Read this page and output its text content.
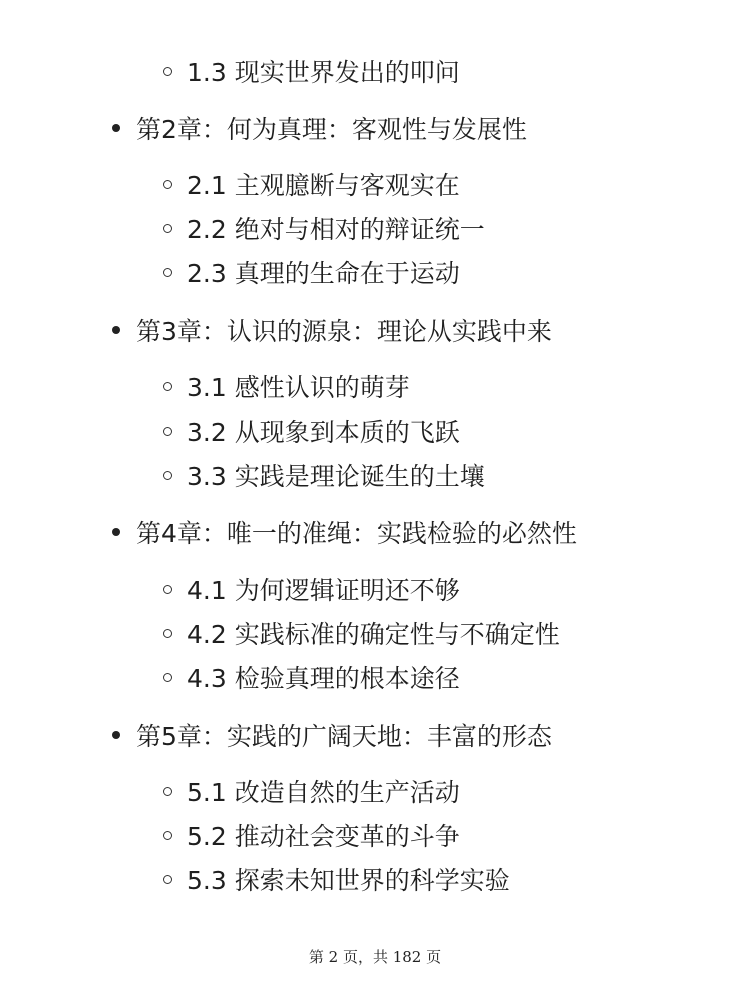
1.3 现实世界发出的叩问
第2章：何为真理：客观性与发展性
2.1 主观臆断与客观实在
2.2 绝对与相对的辩证统一
2.3 真理的生命在于运动
第3章：认识的源泉：理论从实践中来
3.1 感性认识的萌芽
3.2 从现象到本质的飞跃
3.3 实践是理论诞生的土壤
第4章：唯一的准绳：实践检验的必然性
4.1 为何逻辑证明还不够
4.2 实践标准的确定性与不确定性
4.3 检验真理的根本途径
第5章：实践的广阔天地：丰富的形态
5.1 改造自然的生产活动
5.2 推动社会变革的斗争
5.3 探索未知世界的科学实验
第 2 页，共 182 页
